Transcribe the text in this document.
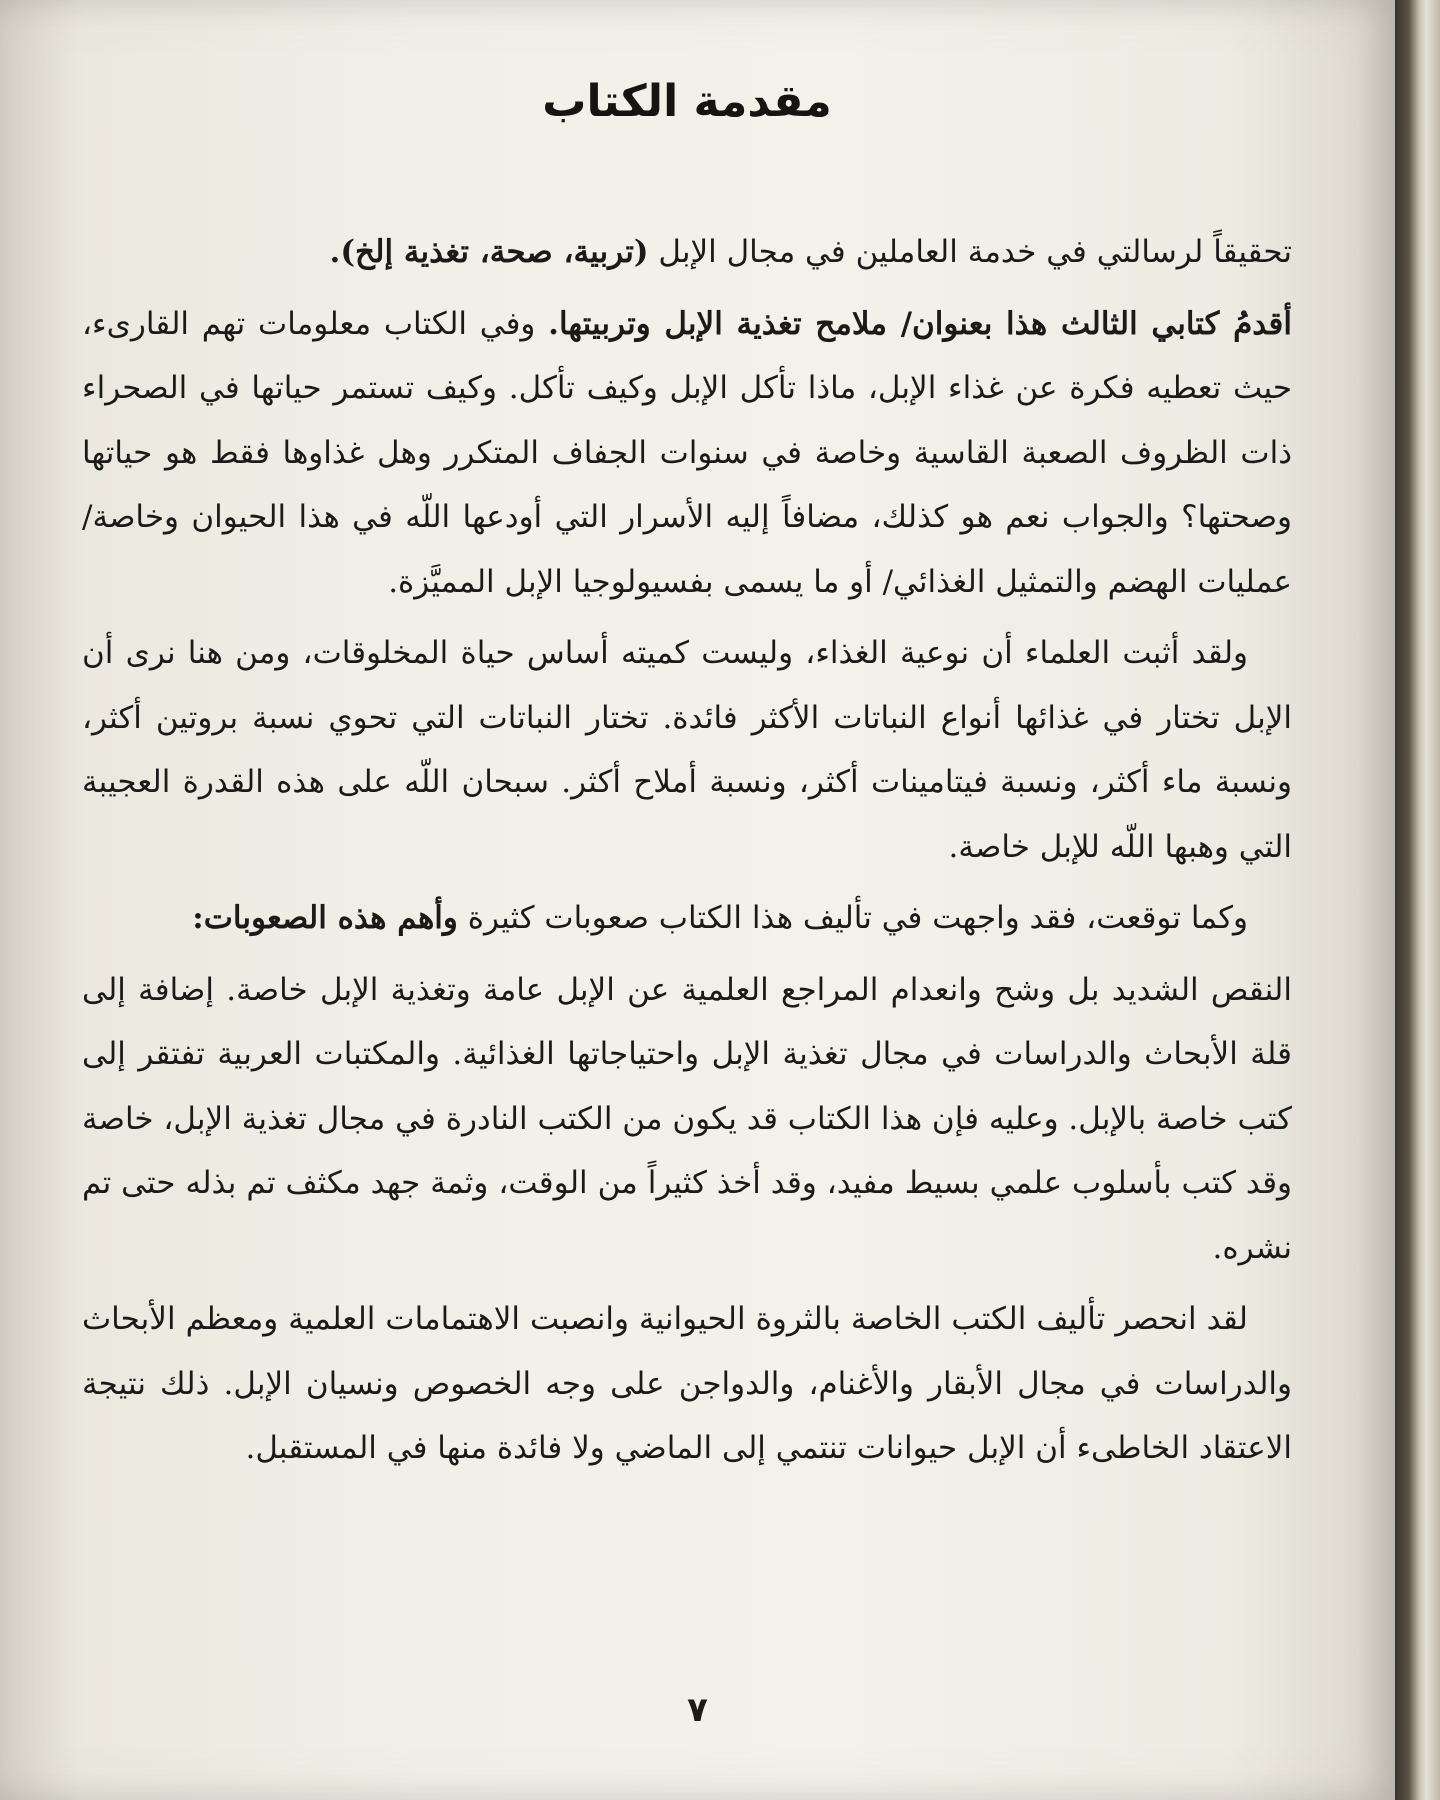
مقدمة الكتاب

تحقيقاً لرسالتي في خدمة العاملين في مجال الإبل (تربية، صحة، تغذية إلخ).

أقدمُ كتابي الثالث هذا بعنوان/ ملامح تغذية الإبل وتربيتها. وفي الكتاب معلومات تهم القارىء، حيث تعطيه فكرة عن غذاء الإبل، ماذا تأكل الإبل وكيف تأكل. وكيف تستمر حياتها في الصحراء ذات الظروف الصعبة القاسية وخاصة في سنوات الجفاف المتكرر وهل غذاوها فقط هو حياتها وصحتها؟ والجواب نعم هو كذلك، مضافاً إليه الأسرار التي أودعها اللّه في هذا الحيوان وخاصة/ عمليات الهضم والتمثيل الغذائي/ أو ما يسمى بفسيولوجيا الإبل المميَّزة.

ولقد أثبت العلماء أن نوعية الغذاء، وليست كميته أساس حياة المخلوقات، ومن هنا نرى أن الإبل تختار في غذائها أنواع النباتات الأكثر فائدة. تختار النباتات التي تحوي نسبة بروتين أكثر، ونسبة ماء أكثر، ونسبة فيتامينات أكثر، ونسبة أملاح أكثر. سبحان اللّه على هذه القدرة العجيبة التي وهبها اللّه للإبل خاصة.

وكما توقعت، فقد واجهت في تأليف هذا الكتاب صعوبات كثيرة وأهم هذه الصعوبات:

النقص الشديد بل وشح وانعدام المراجع العلمية عن الإبل عامة وتغذية الإبل خاصة. إضافة إلى قلة الأبحاث والدراسات في مجال تغذية الإبل واحتياجاتها الغذائية. والمكتبات العربية تفتقر إلى كتب خاصة بالإبل. وعليه فإن هذا الكتاب قد يكون من الكتب النادرة في مجال تغذية الإبل، خاصة وقد كتب بأسلوب علمي بسيط مفيد، وقد أخذ كثيراً من الوقت، وثمة جهد مكثف تم بذله حتى تم نشره.

لقد انحصر تأليف الكتب الخاصة بالثروة الحيوانية وانصبت الاهتمامات العلمية ومعظم الأبحاث والدراسات في مجال الأبقار والأغنام، والدواجن على وجه الخصوص ونسيان الإبل. ذلك نتيجة الاعتقاد الخاطىء أن الإبل حيوانات تنتمي إلى الماضي ولا فائدة منها في المستقبل.

٧
